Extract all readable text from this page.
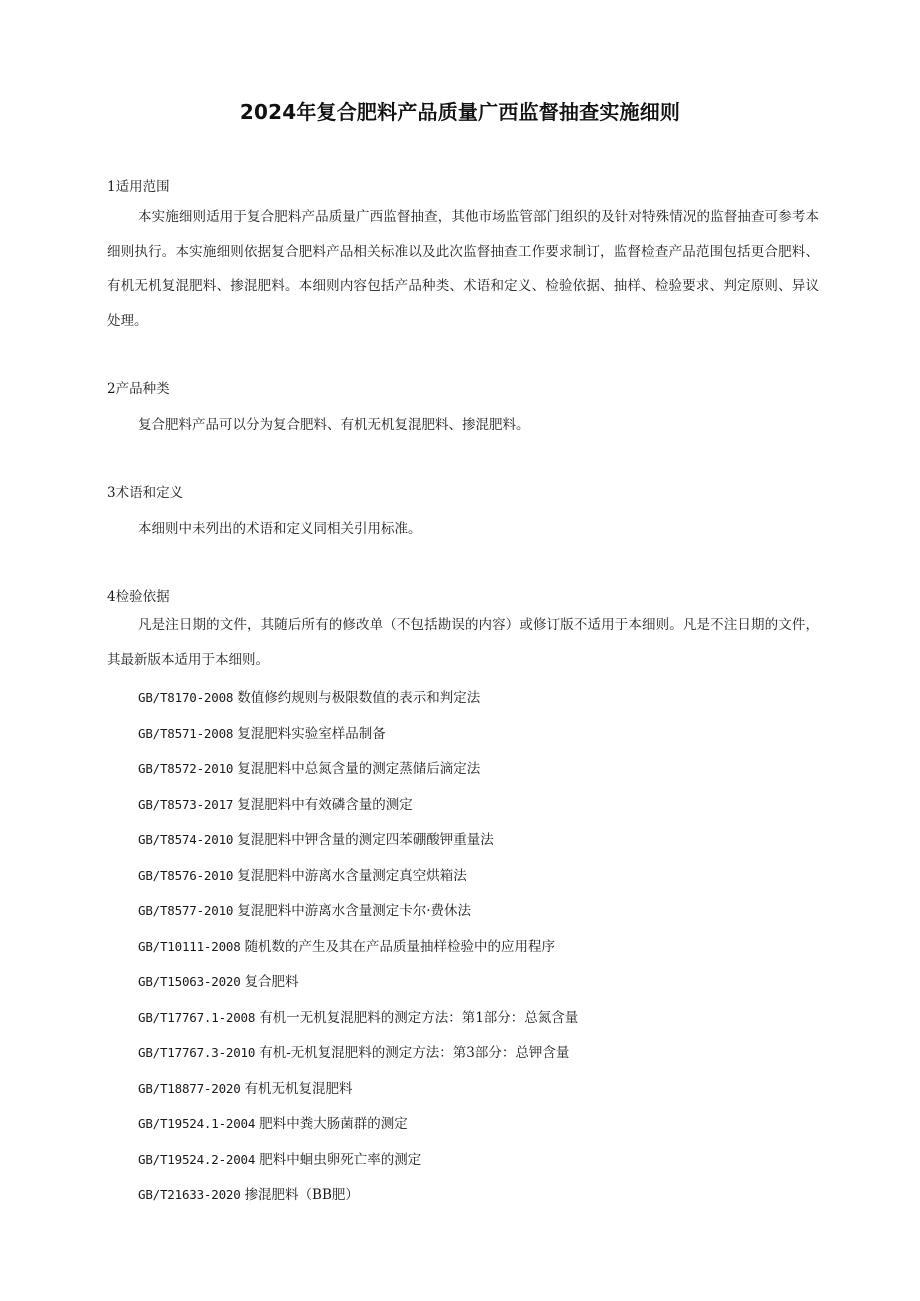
2024年复合肥料产品质量广西监督抽查实施细则
1适用范围

本实施细则适用于复合肥料产品质量广西监督抽查，其他市场监管部门组织的及针对特殊情况的监督抽查可参考本细则执行。本实施细则依据复合肥料产品相关标准以及此次监督抽查工作要求制订，监督检查产品范围包括更合肥料、有机无机复混肥料、掺混肥料。本细则内容包括产品种类、术语和定义、检验依据、抽样、检验要求、判定原则、异议处理。

2产品种类

复合肥料产品可以分为复合肥料、有机无机复混肥料、掺混肥料。

3术语和定义

本细则中未列出的术语和定义同相关引用标准。

4检验依据

凡是注日期的文件，其随后所有的修改单（不包括勘误的内容）或修订版不适用于本细则。凡是不注日期的文件，其最新版本适用于本细则。

GB/T8170-2008 数值修约规则与极限数值的表示和判定法
GB/T8571-2008 复混肥料实验室样品制备
GB/T8572-2010 复混肥料中总氮含量的测定蒸储后滴定法
GB/T8573-2017 复混肥料中有效磷含量的测定
GB/T8574-2010 复混肥料中钾含量的测定四苯硼酸钾重量法
GB/T8576-2010 复混肥料中游离水含量测定真空烘箱法
GB/T8577-2010 复混肥料中游离水含量测定卡尔·费休法
GB/T10111-2008 随机数的产生及其在产品质量抽样检验中的应用程序
GB/T15063-2020 复合肥料
GB/T17767.1-2008 有机一无机复混肥料的测定方法：第1部分：总氮含量
GB/T17767.3-2010 有机-无机复混肥料的测定方法：第3部分：总钾含量
GB/T18877-2020 有机无机复混肥料
GB/T19524.1-2004 肥料中粪大肠菌群的测定
GB/T19524.2-2004 肥料中蛔虫卵死亡率的测定
GB/T21633-2020 掺混肥料（BB肥）
